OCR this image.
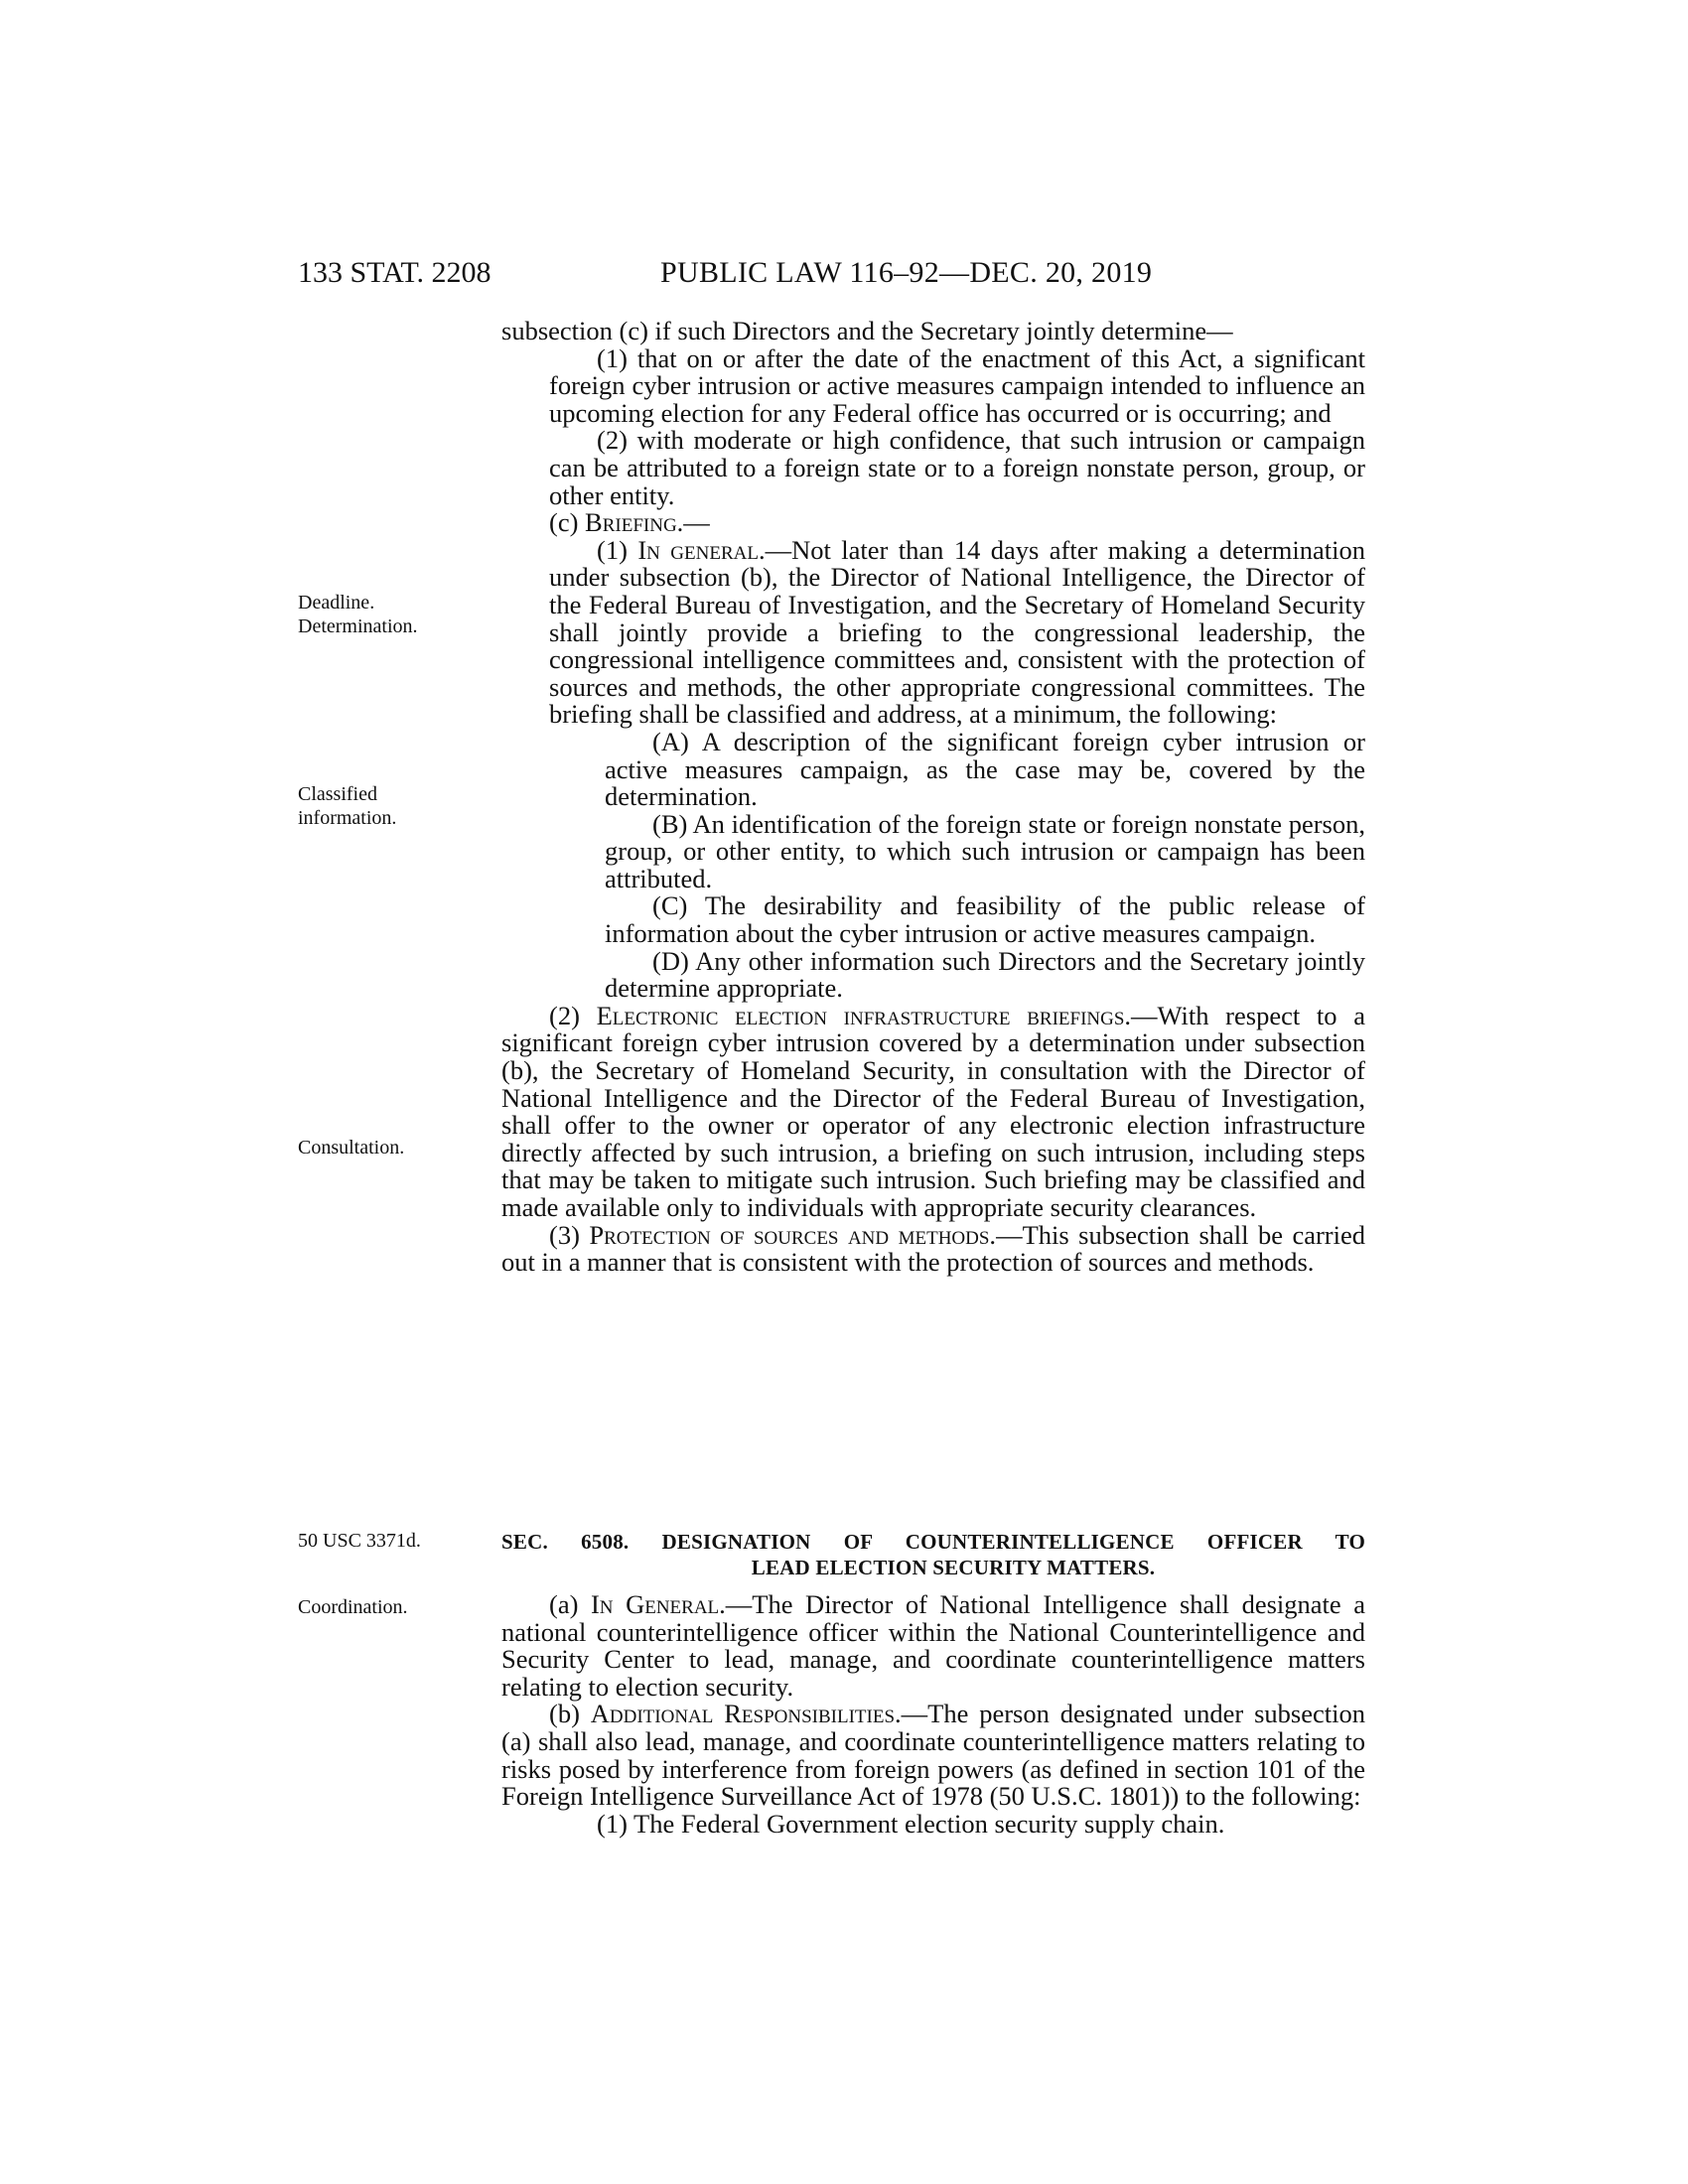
133 STAT. 2208	PUBLIC LAW 116–92—DEC. 20, 2019
Deadline.
Determination.
Classified
information.
Consultation.
50 USC 3371d.
Coordination.

subsection (c) if such Directors and the Secretary jointly determine—

(1) that on or after the date of the enactment of this Act, a significant foreign cyber intrusion or active measures campaign intended to influence an upcoming election for any Federal office has occurred or is occurring; and

(2) with moderate or high confidence, that such intrusion or campaign can be attributed to a foreign state or to a foreign nonstate person, group, or other entity.

(c) Briefing.—

(1) In general.—Not later than 14 days after making a determination under subsection (b), the Director of National Intelligence, the Director of the Federal Bureau of Investigation, and the Secretary of Homeland Security shall jointly provide a briefing to the congressional leadership, the congressional intelligence committees and, consistent with the protection of sources and methods, the other appropriate congressional committees. The briefing shall be classified and address, at a minimum, the following:

(A) A description of the significant foreign cyber intrusion or active measures campaign, as the case may be, covered by the determination.

(B) An identification of the foreign state or foreign nonstate person, group, or other entity, to which such intrusion or campaign has been attributed.

(C) The desirability and feasibility of the public release of information about the cyber intrusion or active measures campaign.

(D) Any other information such Directors and the Secretary jointly determine appropriate.

(2) Electronic election infrastructure briefings.—With respect to a significant foreign cyber intrusion covered by a determination under subsection (b), the Secretary of Homeland Security, in consultation with the Director of National Intelligence and the Director of the Federal Bureau of Investigation, shall offer to the owner or operator of any electronic election infrastructure directly affected by such intrusion, a briefing on such intrusion, including steps that may be taken to mitigate such intrusion. Such briefing may be classified and made available only to individuals with appropriate security clearances.

(3) Protection of sources and methods.—This subsection shall be carried out in a manner that is consistent with the protection of sources and methods.

SEC. 6508. DESIGNATION OF COUNTERINTELLIGENCE OFFICER TO
LEAD ELECTION SECURITY MATTERS.

(a) In General.—The Director of National Intelligence shall designate a national counterintelligence officer within the National Counterintelligence and Security Center to lead, manage, and coordinate counterintelligence matters relating to election security.

(b) Additional Responsibilities.—The person designated under subsection (a) shall also lead, manage, and coordinate counterintelligence matters relating to risks posed by interference from foreign powers (as defined in section 101 of the Foreign Intelligence Surveillance Act of 1978 (50 U.S.C. 1801)) to the following:

(1) The Federal Government election security supply chain.
